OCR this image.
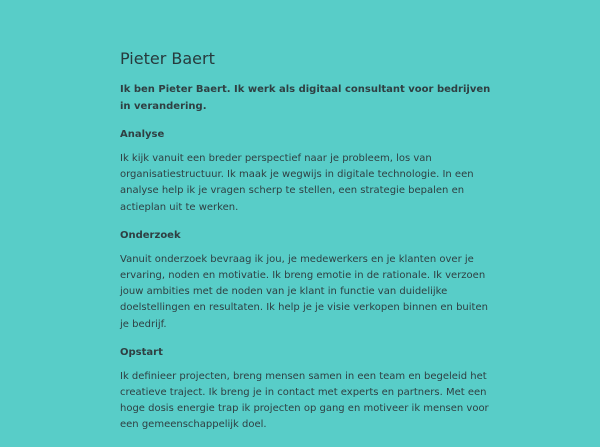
Pieter Baert

Ik ben Pieter Baert. Ik werk als digitaal consultant voor bedrijven in verandering.

Analyse

Ik kijk vanuit een breder perspectief naar je probleem, los van organisatiestructuur. Ik maak je wegwijs in digitale technologie. In een analyse help ik je vragen scherp te stellen, een strategie bepalen en actieplan uit te werken.

Onderzoek

Vanuit onderzoek bevraag ik jou, je medewerkers en je klanten over je ervaring, noden en motivatie. Ik breng emotie in de rationale. Ik verzoen jouw ambities met de noden van je klant in functie van duidelijke doelstellingen en resultaten. Ik help je je visie verkopen binnen en buiten je bedrijf.

Opstart

Ik definieer projecten, breng mensen samen in een team en begeleid het creatieve traject. Ik breng je in contact met experts en partners. Met een hoge dosis energie trap ik projecten op gang en motiveer ik mensen voor een gemeenschappelijk doel.
